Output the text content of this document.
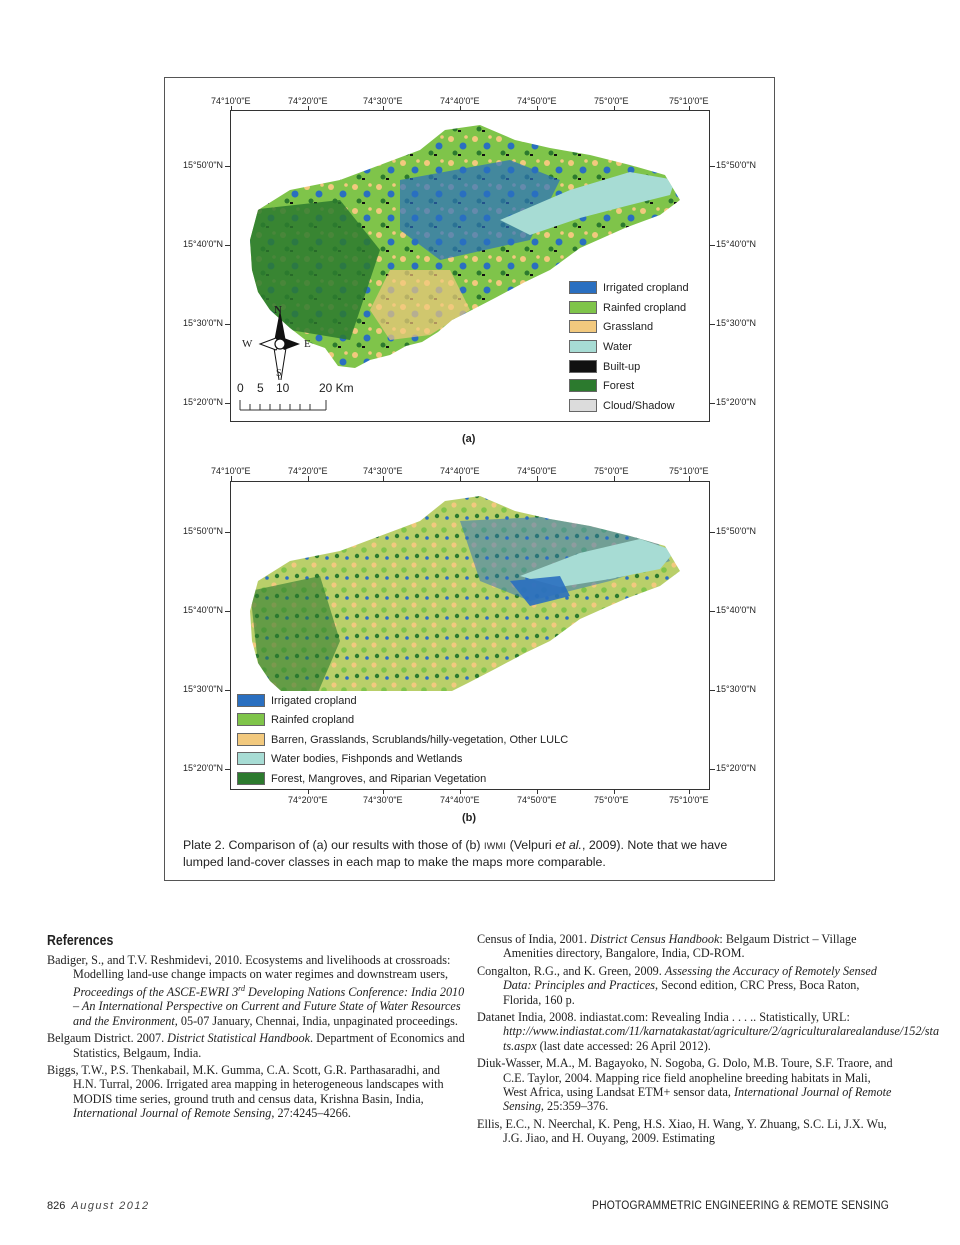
74°10'0"E	74°20'0"E	74°30'0"E	74°40'0"E	74°50'0"E	75°0'0"E	75°10'0"E
15°50'0"N
15°40'0"N
15°30'0"N
15°20'0"N
15°50'0"N
15°40'0"N
15°30'0"N
15°20'0"N
N
W	E
S
0 5 10 20 Km
Irrigated cropland
Rainfed cropland
Grassland
Water
Built-up
Forest
Cloud/Shadow
(a)
74°10'0"E	74°20'0"E	74°30'0"E	74°40'0"E	74°50'0"E	75°0'0"E	75°10'0"E
15°50'0"N
15°40'0"N
15°30'0"N
15°20'0"N
15°50'0"N
15°40'0"N
15°30'0"N
15°20'0"N
74°20'0"E	74°30'0"E	74°40'0"E	74°50'0"E	75°0'0"E	75°10'0"E
Irrigated cropland
Rainfed cropland
Barren, Grasslands, Scrublands/hilly-vegetation, Other LULC
Water bodies, Fishponds and Wetlands
Forest, Mangroves, and Riparian Vegetation
(b)
Plate 2. Comparison of (a) our results with those of (b) IWMI (Velpuri et al., 2009). Note that we have lumped land-cover classes in each map to make the maps more comparable.
References
Badiger, S., and T.V. Reshmidevi, 2010. Ecosystems and livelihoods at crossroads: Modelling land-use change impacts on water regimes and downstream users, Proceedings of the ASCE-EWRI 3rd Developing Nations Conference: India 2010 – An International Perspective on Current and Future State of Water Resources and the Environment, 05-07 January, Chennai, India, unpaginated proceedings.
Belgaum District. 2007. District Statistical Handbook. Department of Economics and Statistics, Belgaum, India.
Biggs, T.W., P.S. Thenkabail, M.K. Gumma, C.A. Scott, G.R. Parthasaradhi, and H.N. Turral, 2006. Irrigated area mapping in heterogeneous landscapes with MODIS time series, ground truth and census data, Krishna Basin, India, International Journal of Remote Sensing, 27:4245–4266.
Census of India, 2001. District Census Handbook: Belgaum District – Village Amenities directory, Bangalore, India, CD-ROM.
Congalton, R.G., and K. Green, 2009. Assessing the Accuracy of Remotely Sensed Data: Principles and Practices, Second edition, CRC Press, Boca Raton, Florida, 160 p.
Datanet India, 2008. indiastat.com: Revealing India . . . .. Statistically, URL: http://www.indiastat.com/11/karnatakastat/agriculture/2/agriculturalarealanduse/152/sta ts.aspx (last date accessed: 26 April 2012).
Diuk-Wasser, M.A., M. Bagayoko, N. Sogoba, G. Dolo, M.B. Toure, S.F. Traore, and C.E. Taylor, 2004. Mapping rice field anopheline breeding habitats in Mali, West Africa, using Landsat ETM+ sensor data, International Journal of Remote Sensing, 25:359–376.
Ellis, E.C., N. Neerchal, K. Peng, H.S. Xiao, H. Wang, Y. Zhuang, S.C. Li, J.X. Wu, J.G. Jiao, and H. Ouyang, 2009. Estimating
826 August 2012	PHOTOGRAMMETRIC ENGINEERING & REMOTE SENSING
